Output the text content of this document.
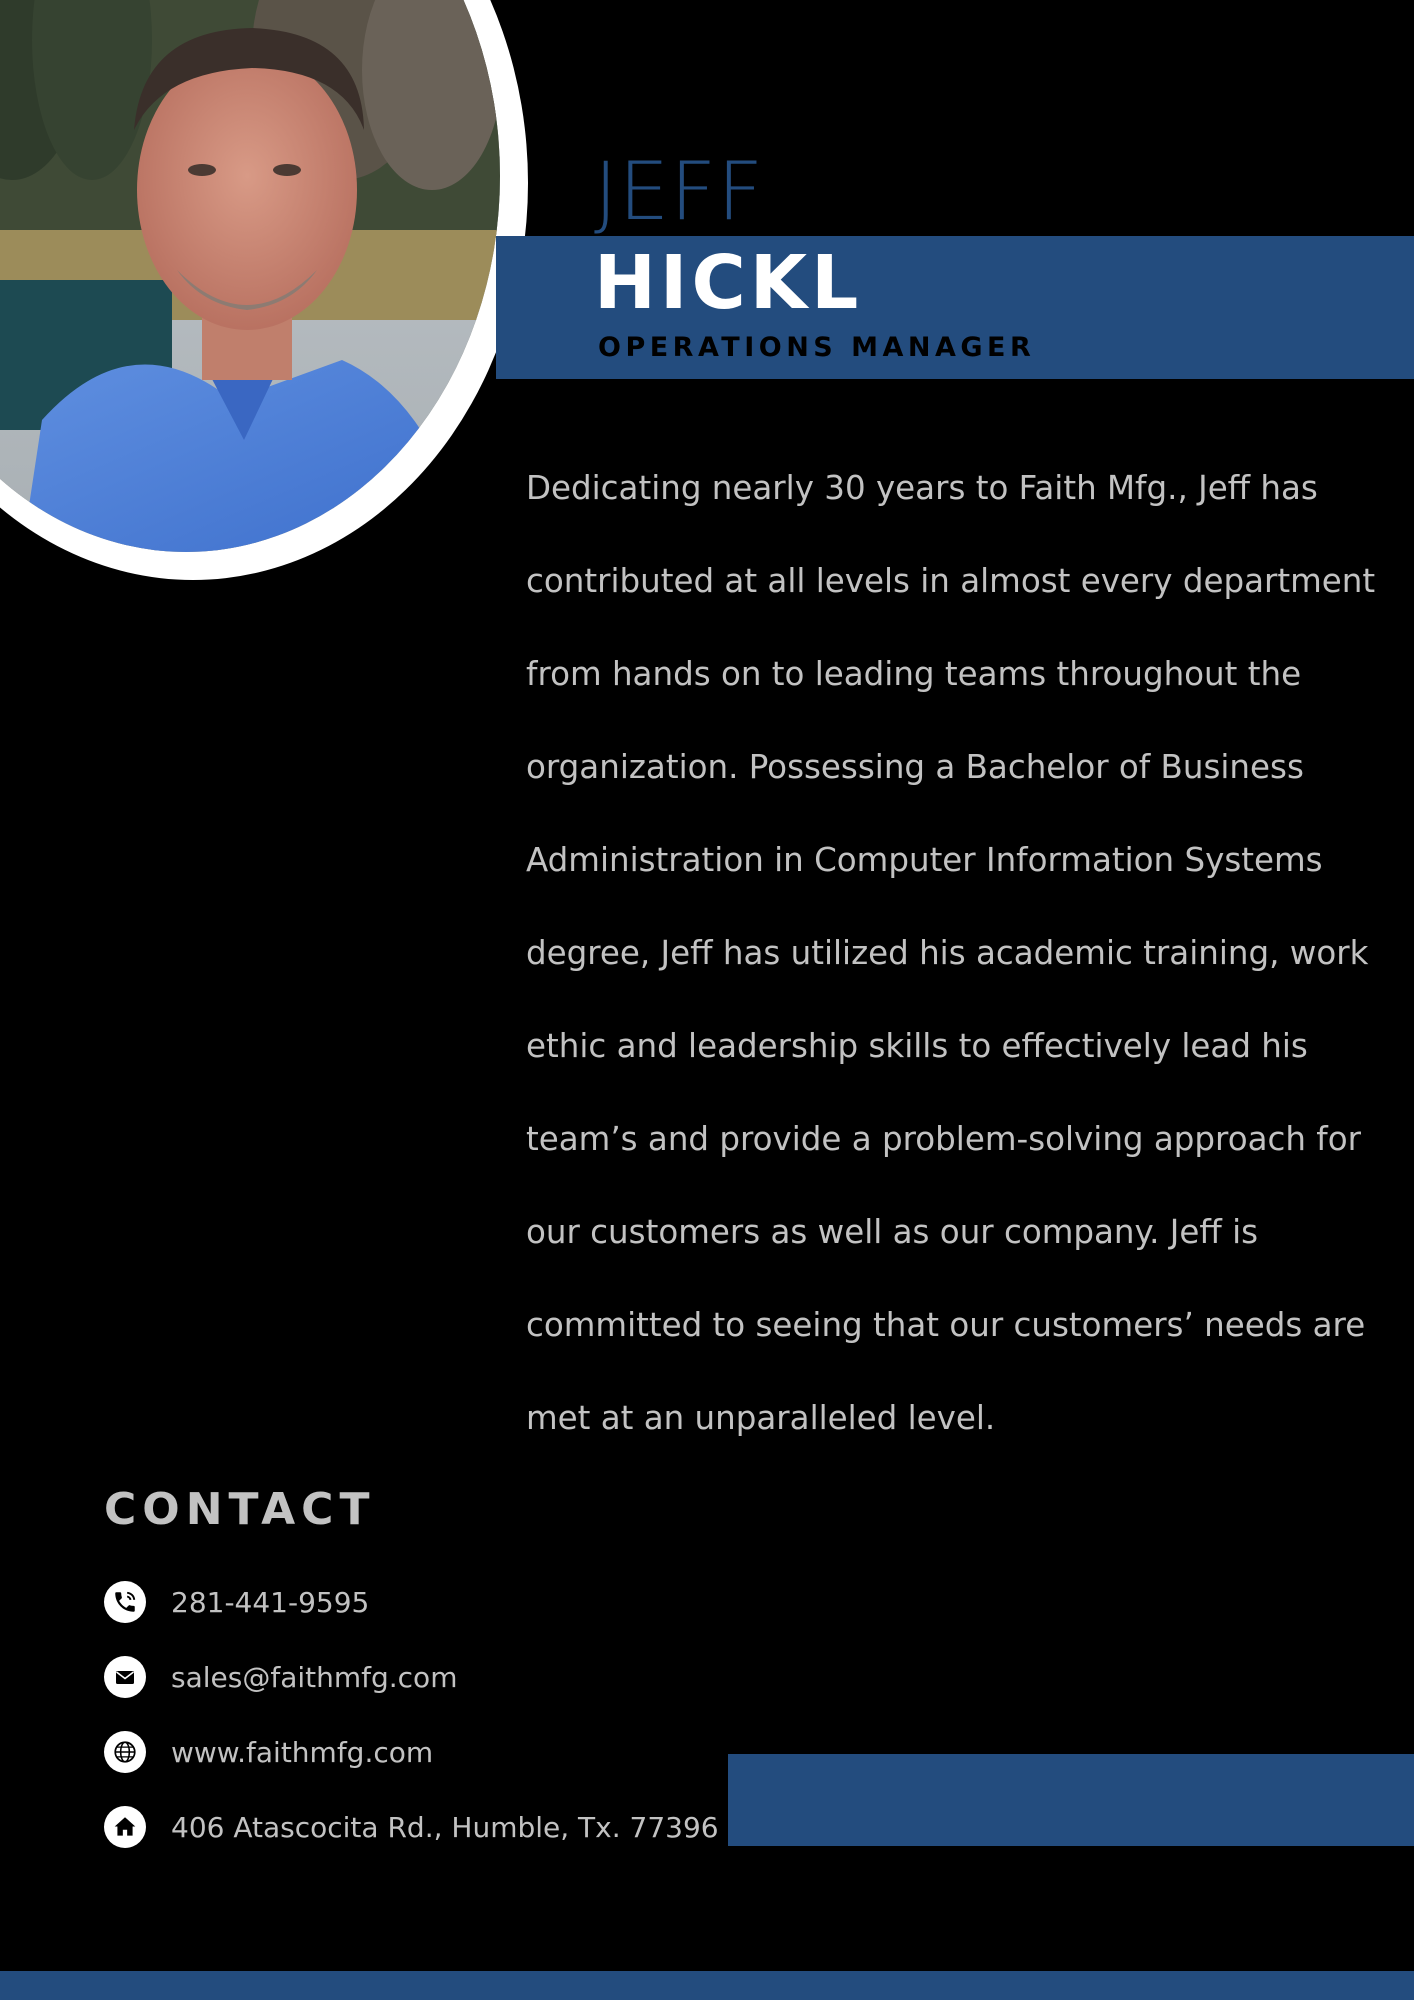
JEFF
HICKL

OPERATIONS MANAGER

Dedicating nearly 30 years to Faith Mfg., Jeff has contributed at all levels in almost every department from hands on to leading teams throughout the organization. Possessing a Bachelor of Business Administration in Computer Information Systems degree, Jeff has utilized his academic training, work ethic and leadership skills to effectively lead his team’s and provide a problem-solving approach for our customers as well as our company. Jeff is committed to seeing that our customers’ needs are met at an unparalleled level.

CONTACT
281-441-9595
sales@faithmfg.com
www.faithmfg.com
406 Atascocita Rd., Humble, Tx. 77396
